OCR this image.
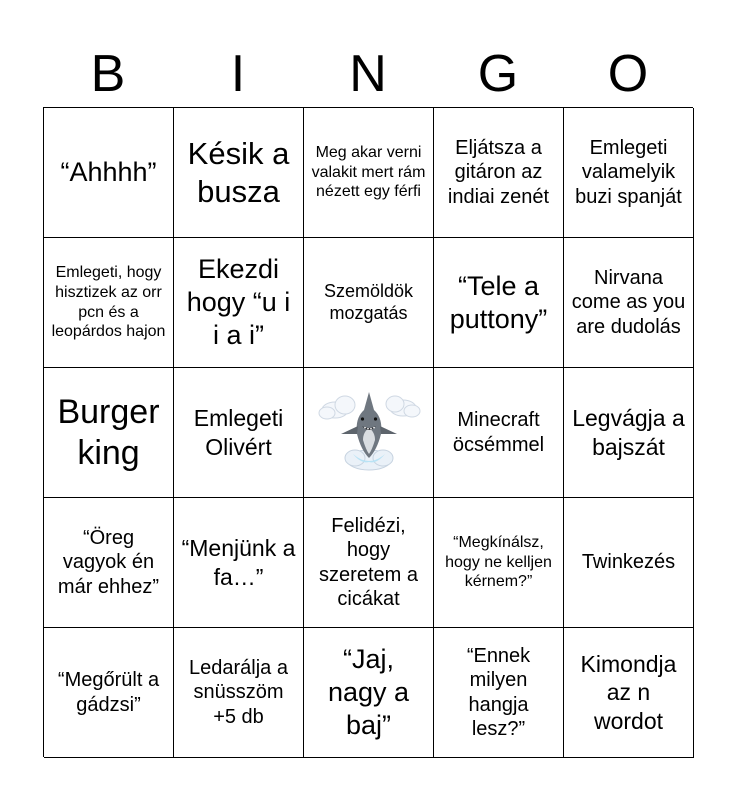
B	I	N	G	O
“Ahhhh”
Késik a busza
Meg akar verni valakit mert rám nézett egy férfi
Eljátsza a gitáron az indiai zenét
Emlegeti valamelyik buzi spanját
Emlegeti, hogy hisztizek az orr pcn és a leopárdos hajon
Ekezdi hogy “u i i a i”
Szemöldök mozgatás
“Tele a puttony”
Nirvana come as you are dudolás
Burger king
Emlegeti Olivért
Minecraft öcsémmel
Legvágja a bajszát
“Öreg vagyok én már ehhez”
“Menjünk a fa…”
Felidézi, hogy szeretem a cicákat
“Megkínálsz, hogy ne kelljen kérnem?”
Twinkezés
“Megőrült a gádzsi”
Ledarálja a snüsszöm +5 db
“Jaj, nagy a baj”
“Ennek milyen hangja lesz?”
Kimondja az n wordot
